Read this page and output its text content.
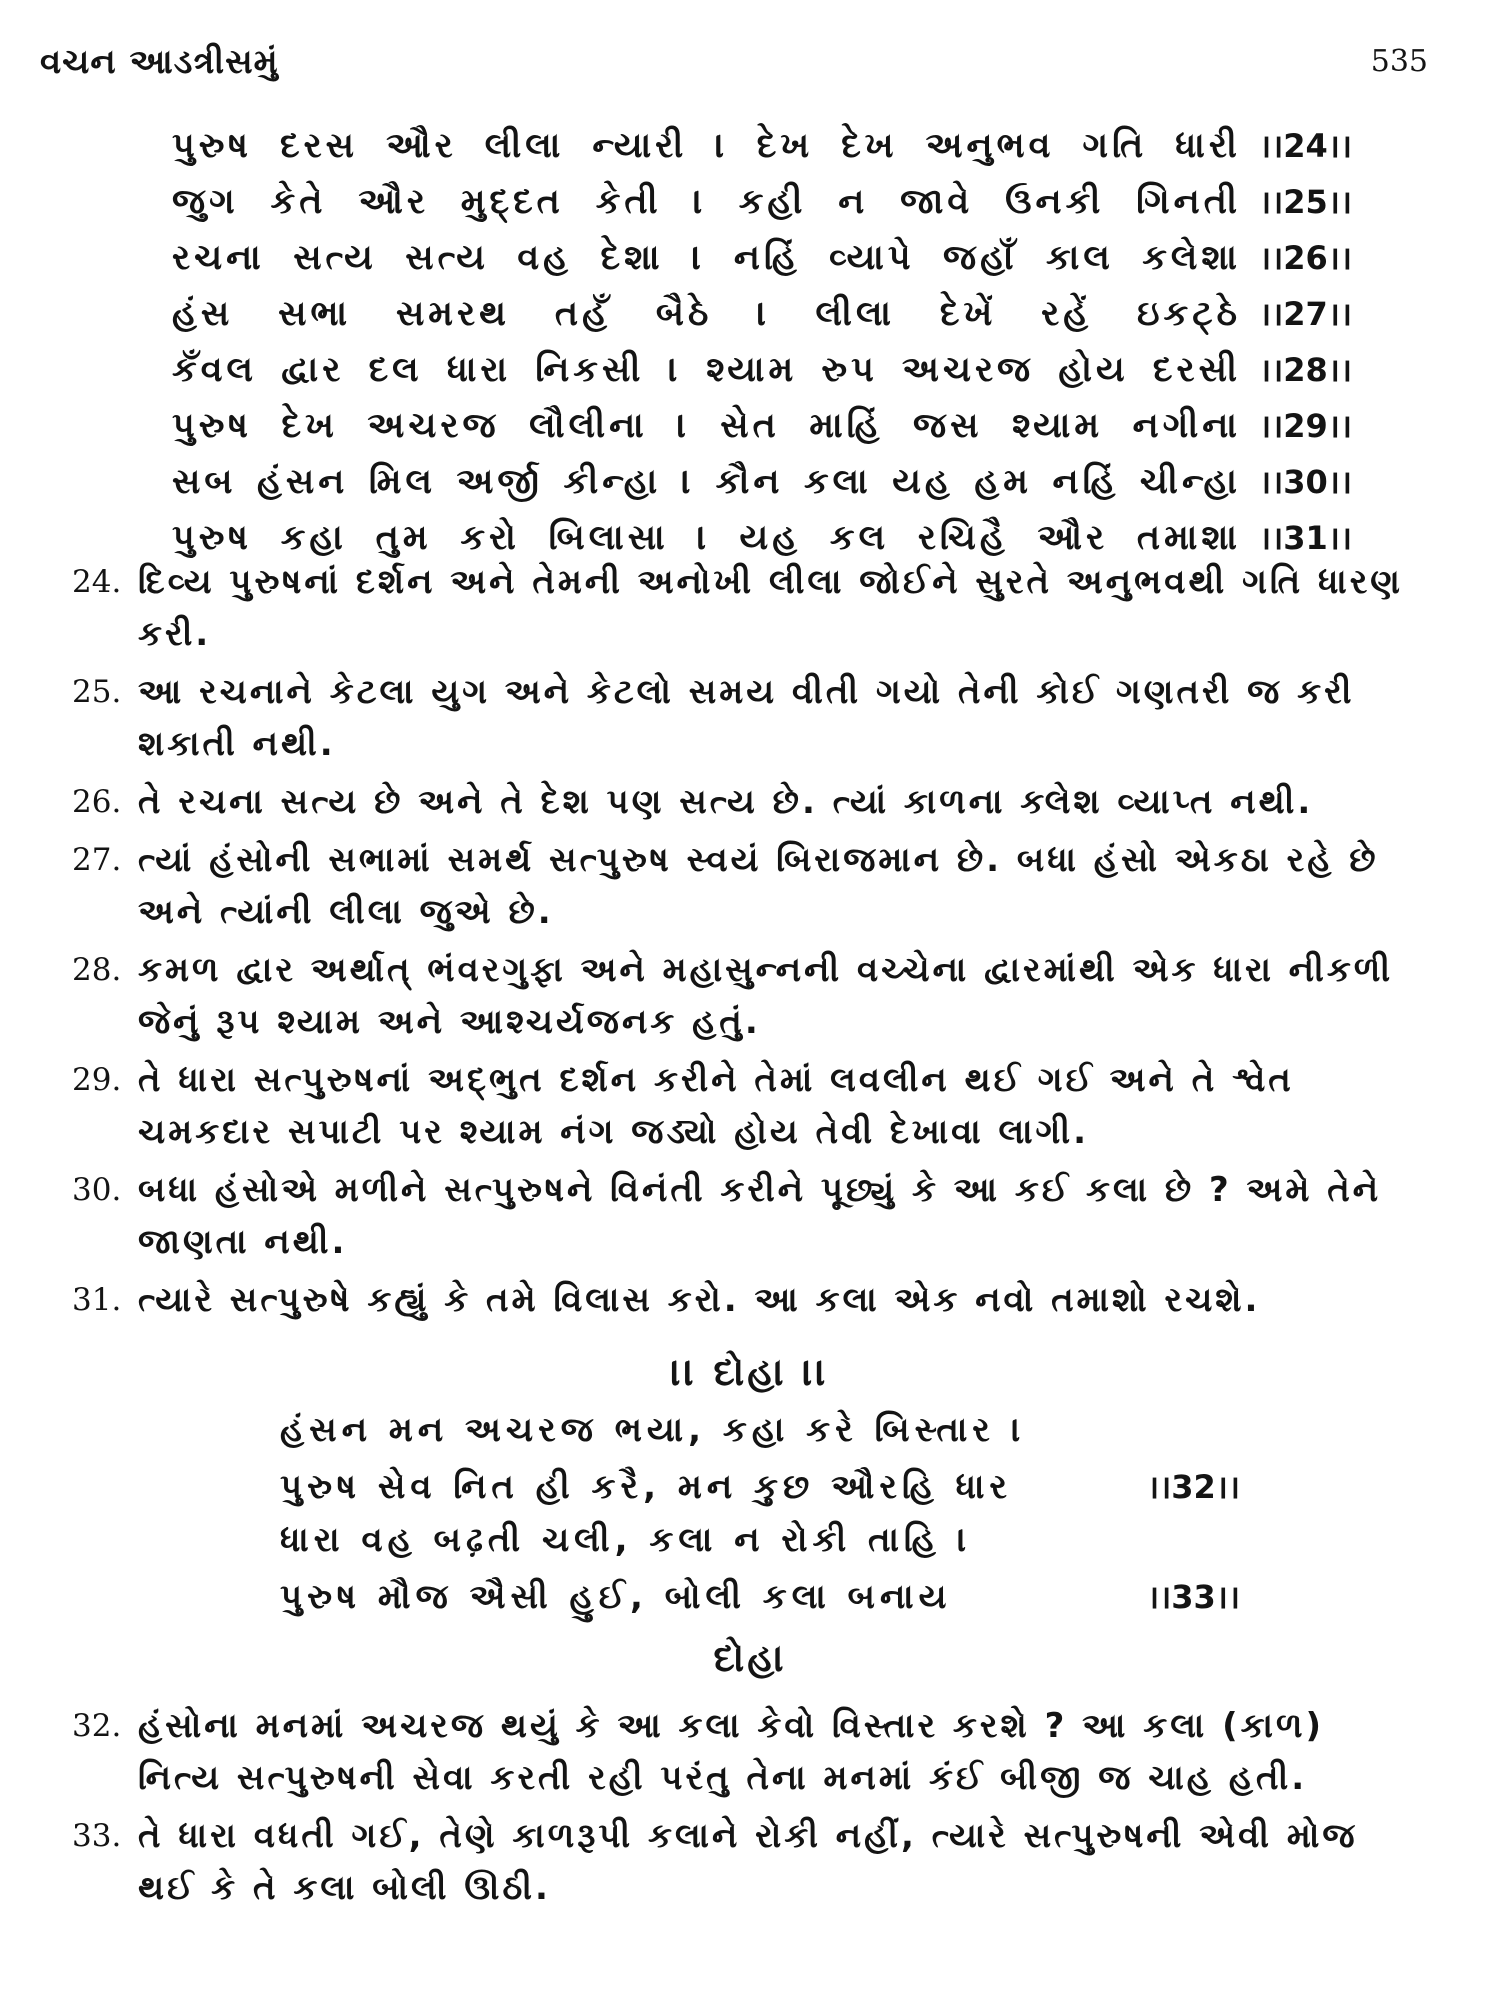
વચન આડત્રીસમું	535
પુરુષ દરસ ઔર લીલા ન્યારી । દેખ દેખ અનુભવ ગતિ ધારી ।।24।।
જુગ કેતે ઔર મુદ્દત કેતી । કહી ન જાવે ઉનકી ગિનતી ।।25।।
રચના સત્ય સત્ય વહ દેશા । નહિં વ્યાપે જહાઁ કાલ કલેશા ।।26।।
હંસ સભા સમરથ તહઁ બૈઠે । લીલા દેખેં રહેં ઇકટ્ઠે ।।27।।
કઁવલ દ્વાર દલ ધારા નિકસી । શ્યામ રુપ અચરજ હોય દરસી ।।28।।
પુરુષ દેખ અચરજ લૌલીના । સેત માહિં જસ શ્યામ નગીના ।।29।।
સબ હંસન મિલ અર્જી કીન્હા । કૌન કલા યહ હમ નહિં ચીન્હા ।।30।।
પુરુષ કહા તુમ કરો બિલાસા । યહ કલ રચિહૈ ઔર તમાશા ।।31।।
24. દિવ્ય પુરુષનાં દર્શન અને તેમની અનોખી લીલા જોઈને સુરતે અનુભવથી ગતિ ધારણ કરી.
25. આ રચનાને કેટલા યુગ અને કેટલો સમય વીતી ગયો તેની કોઈ ગણતરી જ કરી શકાતી નથી.
26. તે રચના સત્ય છે અને તે દેશ પણ સત્ય છે. ત્યાં કાળના ક્લેશ વ્યાપ્ત નથી.
27. ત્યાં હંસોની સભામાં સમર્થ સત્પુરુષ સ્વયં બિરાજમાન છે. બધા હંસો એકઠા રહે છે અને ત્યાંની લીલા જુએ છે.
28. કમળ દ્વાર અર્થાત્ ભંવરગુફા અને મહાસુન્નની વચ્ચેના દ્વારમાંથી એક ધારા નીકળી જેનું રૂપ શ્યામ અને આશ્ચર્યજનક હતું.
29. તે ધારા સત્પુરુષનાં અદ્‌ભુત દર્શન કરીને તેમાં લવલીન થઈ ગઈ અને તે શ્વેત ચમકદાર સપાટી પર શ્યામ નંગ જડ્યો હોય તેવી દેખાવા લાગી.
30. બધા હંસોએ મળીને સત્પુરુષને વિનંતી કરીને પૂછ્યું કે આ કઈ કલા છે ? અમે તેને જાણતા નથી.
31. ત્યારે સત્પુરુષે કહ્યું કે તમે વિલાસ કરો. આ કલા એક નવો તમાશો રચશે.
।। દોહા ।।
હંસન મન અચરજ ભયા, કહા કરે બિસ્તાર ।
પુરુષ સેવ નિત હી કરૈ, મન કુછ ઔરહિ ધાર	।।32।।
ધારા વહ બઢ઼તી ચલી, કલા ન રોકી તાહિ ।
પુરુષ મૌજ ઐસી હુઈ, બોલી કલા બનાય	।।33।।
દોહા
32. હંસોના મનમાં અચરજ થયું કે આ કલા કેવો વિસ્તાર કરશે ? આ કલા (કાળ) નિત્ય સત્પુરુષની સેવા કરતી રહી પરંતુ તેના મનમાં કંઈ બીજી જ ચાહ હતી.
33. તે ધારા વધતી ગઈ, તેણે કાળરૂપી કલાને રોકી નહીં, ત્યારે સત્પુરુષની એવી મોજ થઈ કે તે કલા બોલી ઊઠી.
